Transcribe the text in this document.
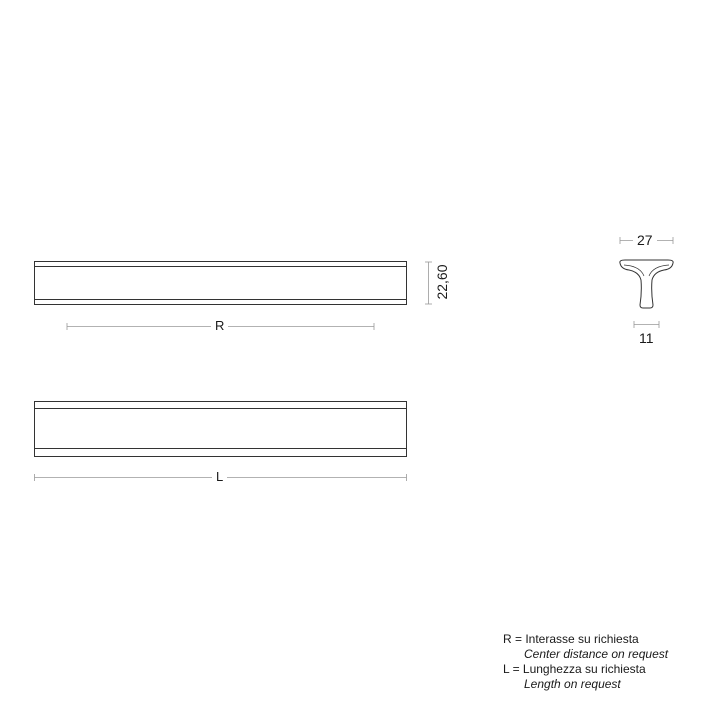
R
L
22,60
27
11
R = Interasse su richiesta
Center distance on request
L = Lunghezza su richiesta
Length on request
